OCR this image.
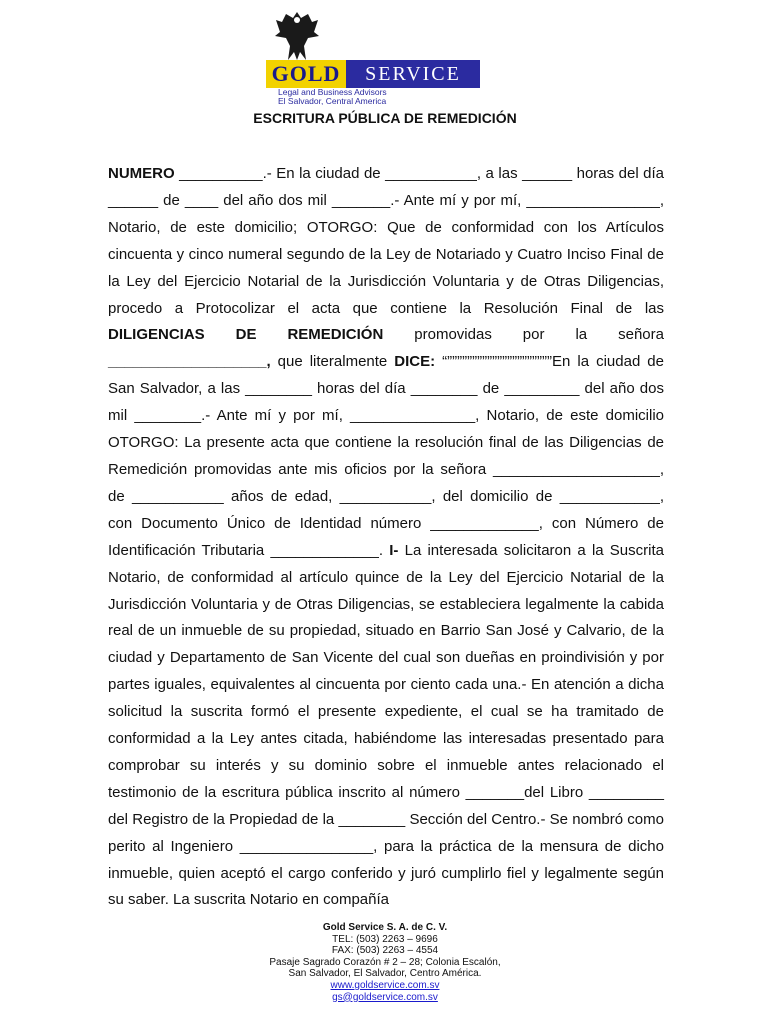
GOLD	SERVICE
Legal and Business Advisors
El Salvador, Central America
ESCRITURA PÚBLICA DE REMEDICIÓN

NUMERO __________.- En la ciudad de ___________, a las ______ horas del día ______ de ____ del año dos mil _______.- Ante mí y por mí, ________________, Notario, de este domicilio; OTORGO: Que de conformidad con los Artículos cincuenta y cinco numeral segundo de la Ley de Notariado y Cuatro Inciso Final de la Ley del Ejercicio Notarial de la Jurisdicción Voluntaria y de Otras Diligencias, procedo a Protocolizar el acta que contiene la Resolución Final de las DILIGENCIAS DE REMEDICIÓN promovidas por la señora ___________________, que literalmente DICE: “”””””””””””””””””””””En la ciudad de San Salvador, a las ________ horas del día ________ de _________ del año dos mil ________.- Ante mí y por mí, _______________, Notario, de este domicilio OTORGO: La presente acta que contiene la resolución final de las Diligencias de Remedición promovidas ante mis oficios por la señora ____________________, de ___________ años de edad, ___________, del domicilio de ____________, con Documento Único de Identidad número _____________, con Número de Identificación Tributaria _____________. I- La interesada solicitaron a la Suscrita Notario, de conformidad al artículo quince de la Ley del Ejercicio Notarial de la Jurisdicción Voluntaria y de Otras Diligencias, se estableciera legalmente la cabida real de un inmueble de su propiedad, situado en Barrio San José y Calvario, de la ciudad y Departamento de San Vicente del cual son dueñas en proindivisión y por partes iguales, equivalentes al cincuenta por ciento cada una.- En atención a dicha solicitud la suscrita formó el presente expediente, el cual se ha tramitado de conformidad a la Ley antes citada, habiéndome las interesadas presentado para comprobar su interés y su dominio sobre el inmueble antes relacionado el testimonio de la escritura pública inscrito al número _______del Libro _________ del Registro de la Propiedad de la ________ Sección del Centro.- Se nombró como perito al Ingeniero ________________, para la práctica de la mensura de dicho inmueble, quien aceptó el cargo conferido y juró cumplirlo fiel y legalmente según su saber. La suscrita Notario en compañía

Gold Service S. A. de C. V.
TEL: (503) 2263 – 9696
FAX: (503) 2263 – 4554
Pasaje Sagrado Corazón # 2 – 28; Colonia Escalón,
San Salvador, El Salvador, Centro América.
www.goldservice.com.sv
gs@goldservice.com.sv
